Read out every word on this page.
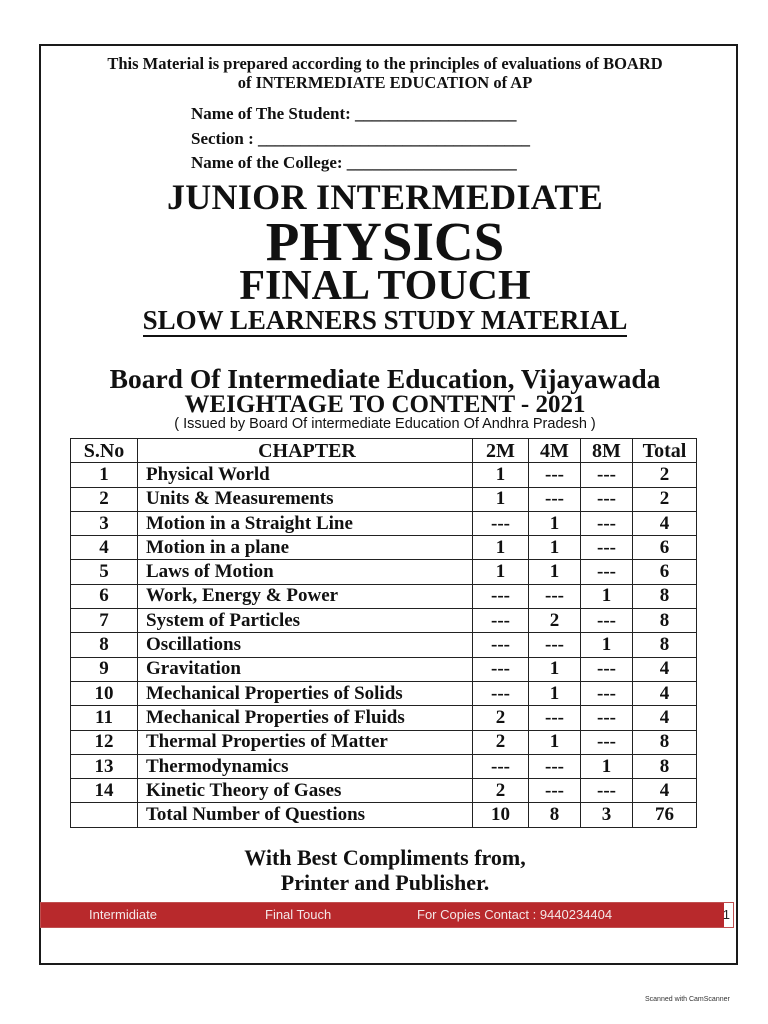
This Material is prepared according to the principles of evaluations of BOARD
of INTERMEDIATE EDUCATION of AP
Name of The Student: ___________________
Section : ________________________________
Name of the College: ____________________
JUNIOR INTERMEDIATE
PHYSICS
FINAL TOUCH
SLOW LEARNERS STUDY MATERIAL
Board Of Intermediate Education, Vijayawada
WEIGHTAGE TO CONTENT - 2021
( Issued by Board Of intermediate Education Of Andhra Pradesh )
S.No	CHAPTER	2M	4M	8M	Total
1	Physical World	1	---	---	2
2	Units & Measurements	1	---	---	2
3	Motion in a Straight Line	---	1	---	4
4	Motion in a plane	1	1	---	6
5	Laws of Motion	1	1	---	6
6	Work, Energy & Power	---	---	1	8
7	System of Particles	---	2	---	8
8	Oscillations	---	---	1	8
9	Gravitation	---	1	---	4
10	Mechanical Properties of Solids	---	1	---	4
11	Mechanical Properties of Fluids	2	---	---	4
12	Thermal Properties of Matter	2	1	---	8
13	Thermodynamics	---	---	1	8
14	Kinetic Theory of Gases	2	---	---	4
	Total Number of Questions	10	8	3	76
With Best Compliments from,
Printer and Publisher.
Intermidiate	Final Touch	For Copies Contact : 9440234404	1
Scanned with CamScanner
